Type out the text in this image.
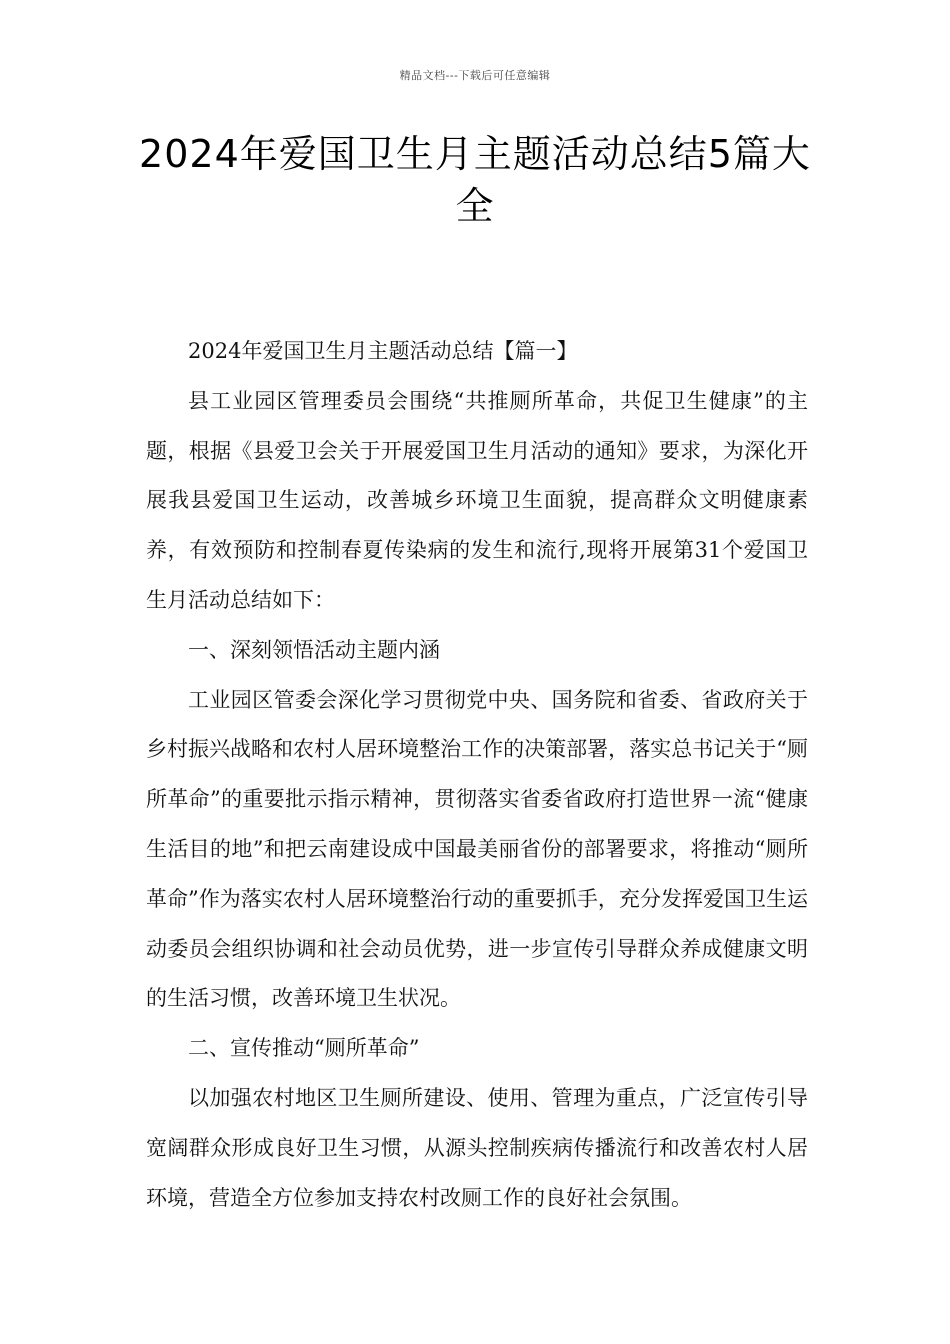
精品文档---下载后可任意编辑
2024年爱国卫生月主题活动总结5篇大全

2024年爱国卫生月主题活动总结【篇一】

县工业园区管理委员会围绕“共推厕所革命，共促卫生健康”的主题，根据《县爱卫会关于开展爱国卫生月活动的通知》要求，为深化开展我县爱国卫生运动，改善城乡环境卫生面貌，提高群众文明健康素养，有效预防和控制春夏传染病的发生和流行,现将开展第31个爱国卫生月活动总结如下：

一、深刻领悟活动主题内涵

工业园区管委会深化学习贯彻党中央、国务院和省委、省政府关于乡村振兴战略和农村人居环境整治工作的决策部署，落实总书记关于“厕所革命”的重要批示指示精神，贯彻落实省委省政府打造世界一流“健康生活目的地”和把云南建设成中国最美丽省份的部署要求，将推动“厕所革命”作为落实农村人居环境整治行动的重要抓手，充分发挥爱国卫生运动委员会组织协调和社会动员优势，进一步宣传引导群众养成健康文明的生活习惯，改善环境卫生状况。

二、宣传推动“厕所革命”

以加强农村地区卫生厕所建设、使用、管理为重点，广泛宣传引导宽阔群众形成良好卫生习惯，从源头控制疾病传播流行和改善农村人居环境，营造全方位参加支持农村改厕工作的良好社会氛围。
